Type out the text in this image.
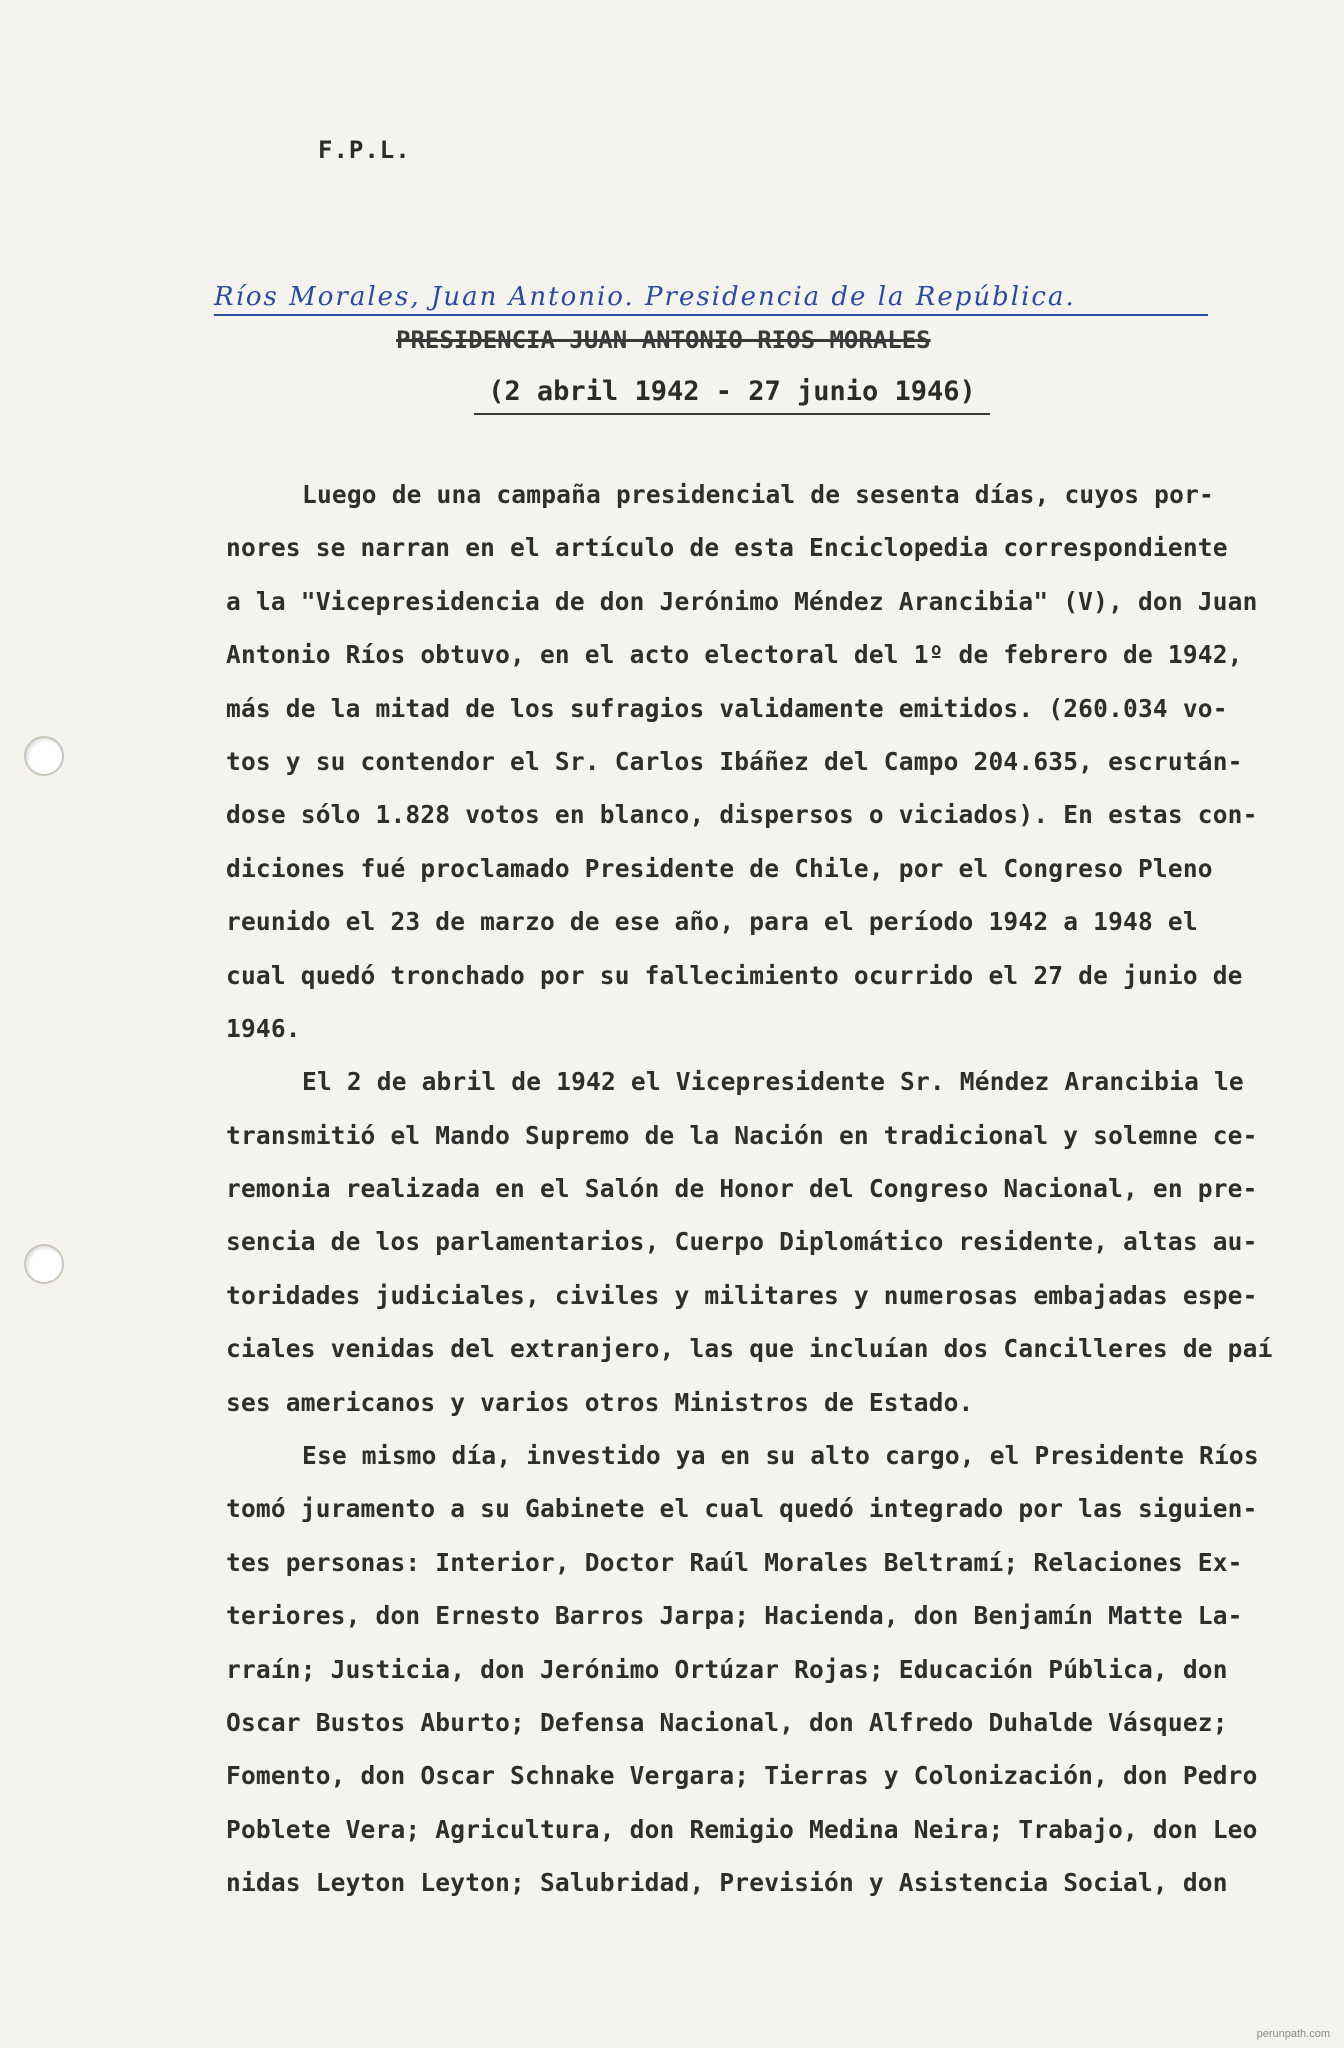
F.P.L.
Ríos Morales, Juan Antonio. Presidencia de la República.
PRESIDENCIA JUAN ANTONIO RIOS MORALES
(2 abril 1942 - 27 junio 1946)
Luego de una campaña presidencial de sesenta días, cuyos por-
nores se narran en el artículo de esta Enciclopedia correspondiente
a la "Vicepresidencia de don Jerónimo Méndez Arancibia" (V), don Juan
Antonio Ríos obtuvo, en el acto electoral del 1º de febrero de 1942,
más de la mitad de los sufragios validamente emitidos. (260.034 vo-
tos y su contendor el Sr. Carlos Ibáñez del Campo 204.635, escrután-
dose sólo 1.828 votos en blanco, dispersos o viciados). En estas con-
diciones fué proclamado Presidente de Chile, por el Congreso Pleno
reunido el 23 de marzo de ese año, para el período 1942 a 1948 el
cual quedó tronchado por su fallecimiento ocurrido el 27 de junio de
1946.
El 2 de abril de 1942 el Vicepresidente Sr. Méndez Arancibia le
transmitió el Mando Supremo de la Nación en tradicional y solemne ce-
remonia realizada en el Salón de Honor del Congreso Nacional, en pre-
sencia de los parlamentarios, Cuerpo Diplomático residente, altas au-
toridades judiciales, civiles y militares y numerosas embajadas espe-
ciales venidas del extranjero, las que incluían dos Cancilleres de paí
ses americanos y varios otros Ministros de Estado.
Ese mismo día, investido ya en su alto cargo, el Presidente Ríos
tomó juramento a su Gabinete el cual quedó integrado por las siguien-
tes personas: Interior, Doctor Raúl Morales Beltramí; Relaciones Ex-
teriores, don Ernesto Barros Jarpa; Hacienda, don Benjamín Matte La-
rraín; Justicia, don Jerónimo Ortúzar Rojas; Educación Pública, don
Oscar Bustos Aburto; Defensa Nacional, don Alfredo Duhalde Vásquez;
Fomento, don Oscar Schnake Vergara; Tierras y Colonización, don Pedro
Poblete Vera; Agricultura, don Remigio Medina Neira; Trabajo, don Leo
nidas Leyton Leyton; Salubridad, Previsión y Asistencia Social, don
perunpath.com
